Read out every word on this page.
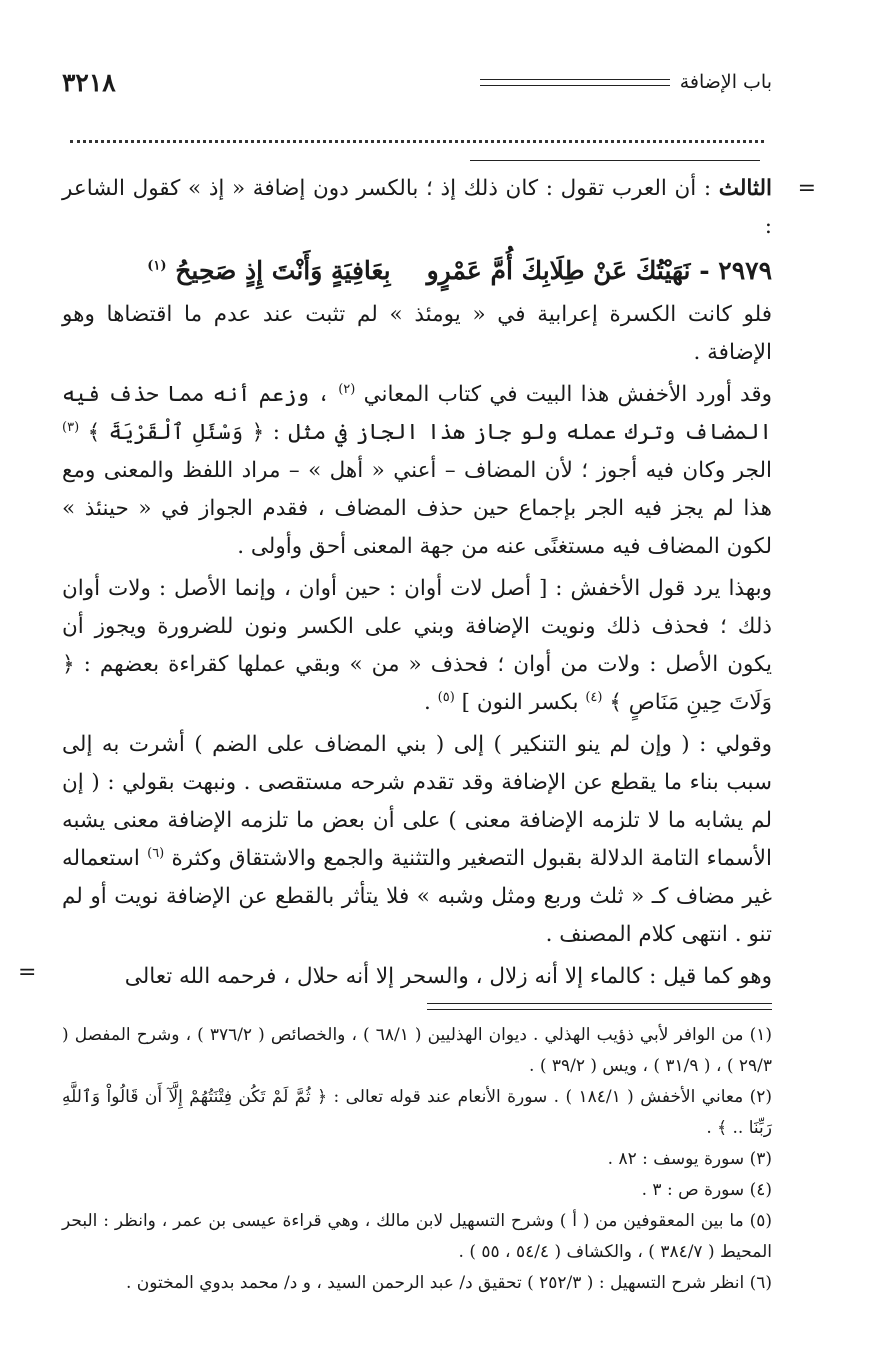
باب الإضافة
٣٢١٨
=

الثالث : أن العرب تقول : كان ذلك إذ ؛ بالكسر دون إضافة « إذ » كقول الشاعر :

٢٩٧٩ - نَهَيْتُكَ عَنْ طِلَابِكَ أُمَّ عَمْرٍو
بِعَافِيَةٍ وَأَنْتَ إِذٍ صَحِيحُ $^{(١)}$

فلو كانت الكسرة إعرابية في « يومئذ » لم تثبت عند عدم ما اقتضاها وهو الإضافة .

وقد أورد الأخفش هذا البيت في كتاب المعاني $^{(٢)}$ ، وزعم أنه مما حذف فيه المضاف وترك عمله ولو جاز هذا الجاز في مثل : ﴿ وَسْئَلِ ٱلْقَرْيَةَ ﴾ $^{(٣)}$ الجر وكان فيه أجوز ؛ لأن المضاف – أعني « أهل » – مراد اللفظ والمعنى ومع هذا لم يجز فيه الجر بإجماع حين حذف المضاف ، فقدم الجواز في « حينئذ » لكون المضاف فيه مستغنًى عنه من جهة المعنى أحق وأولى .

وبهذا يرد قول الأخفش : [ أصل لات أوان : حين أوان ، وإنما الأصل : ولات أوان ذلك ؛ فحذف ذلك ونويت الإضافة وبني على الكسر ونون للضرورة ويجوز أن يكون الأصل : ولات من أوان ؛ فحذف « من » وبقي عملها كقراءة بعضهم : ﴿ وَلَاتَ حِينِ مَنَاصٍ ﴾ $^{(٤)}$ بكسر النون ] $^{(٥)}$ .

وقولي : ( وإن لم ينو التنكير ) إلى ( بني المضاف على الضم ) أشرت به إلى سبب بناء ما يقطع عن الإضافة وقد تقدم شرحه مستقصى . ونبهت بقولي : ( إن لم يشابه ما لا تلزمه الإضافة معنى ) على أن بعض ما تلزمه الإضافة معنى يشبه الأسماء التامة الدلالة بقبول التصغير والتثنية والجمع والاشتقاق وكثرة $^{(٦)}$ استعماله غير مضاف كـ « ثلث وربع ومثل وشبه » فلا يتأثر بالقطع عن الإضافة نويت أو لم تنو . انتهى كلام المصنف .

وهو كما قيل : كالماء إلا أنه زلال ، والسحر إلا أنه حلال ، فرحمه الله تعالى

=

(١) من الوافر لأبي ذؤيب الهذلي . ديوان الهذليين ( ٦٨/١ ) ، والخصائص ( ٣٧٦/٢ ) ، وشرح المفصل ( ٢٩/٣ ) ، ( ٣١/٩ ) ، ويس ( ٣٩/٢ ) .

(٢) معاني الأخفش ( ١٨٤/١ ) . سورة الأنعام عند قوله تعالى : ﴿ ثُمَّ لَمْ تَكُن فِتْنَتُهُمْ إِلَّآ أَن قَالُواْ وَٱللَّهِ رَبِّنَا .. ﴾ .

(٣) سورة يوسف : ٨٢ .

(٤) سورة ص : ٣ .

(٥) ما بين المعقوفين من ( أ ) وشرح التسهيل لابن مالك ، وهي قراءة عيسى بن عمر ، وانظر : البحر المحيط ( ٣٨٤/٧ ) ، والكشاف ( ٥٤/٤ ، ٥٥ ) .

(٦) انظر شرح التسهيل : ( ٢٥٢/٣ ) تحقيق د/ عبد الرحمن السيد ، و د/ محمد بدوي المختون .
